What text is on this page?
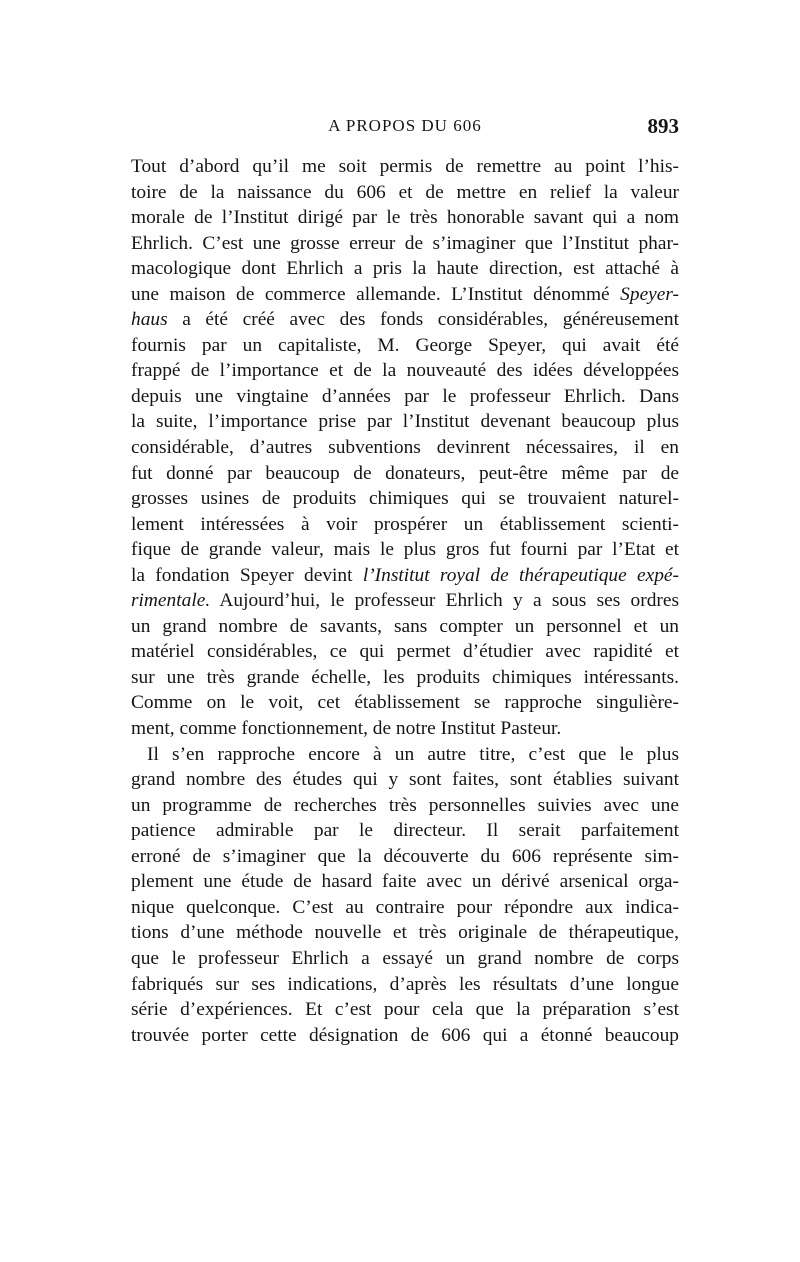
A PROPOS DU 606	893
Tout d’abord qu’il me soit permis de remettre au point l’his-
toire de la naissance du 606 et de mettre en relief la valeur
morale de l’Institut dirigé par le très honorable savant qui a nom
Ehrlich. C’est une grosse erreur de s’imaginer que l’Institut phar-
macologique dont Ehrlich a pris la haute direction, est attaché à
une maison de commerce allemande. L’Institut dénommé Speyer-
haus a été créé avec des fonds considérables, généreusement
fournis par un capitaliste, M. George Speyer, qui avait été
frappé de l’importance et de la nouveauté des idées développées
depuis une vingtaine d’années par le professeur Ehrlich. Dans
la suite, l’importance prise par l’Institut devenant beaucoup plus
considérable, d’autres subventions devinrent nécessaires, il en
fut donné par beaucoup de donateurs, peut-être même par de
grosses usines de produits chimiques qui se trouvaient naturel-
lement intéressées à voir prospérer un établissement scienti-
fique de grande valeur, mais le plus gros fut fourni par l’Etat et
la fondation Speyer devint l’Institut royal de thérapeutique expé-
rimentale. Aujourd’hui, le professeur Ehrlich y a sous ses ordres
un grand nombre de savants, sans compter un personnel et un
matériel considérables, ce qui permet d’étudier avec rapidité et
sur une très grande échelle, les produits chimiques intéressants.
Comme on le voit, cet établissement se rapproche singulière-
ment, comme fonctionnement, de notre Institut Pasteur.
Il s’en rapproche encore à un autre titre, c’est que le plus
grand nombre des études qui y sont faites, sont établies suivant
un programme de recherches très personnelles suivies avec une
patience admirable par le directeur. Il serait parfaitement
erroné de s’imaginer que la découverte du 606 représente sim-
plement une étude de hasard faite avec un dérivé arsenical orga-
nique quelconque. C’est au contraire pour répondre aux indica-
tions d’une méthode nouvelle et très originale de thérapeutique,
que le professeur Ehrlich a essayé un grand nombre de corps
fabriqués sur ses indications, d’après les résultats d’une longue
série d’expériences. Et c’est pour cela que la préparation s’est
trouvée porter cette désignation de 606 qui a étonné beaucoup
